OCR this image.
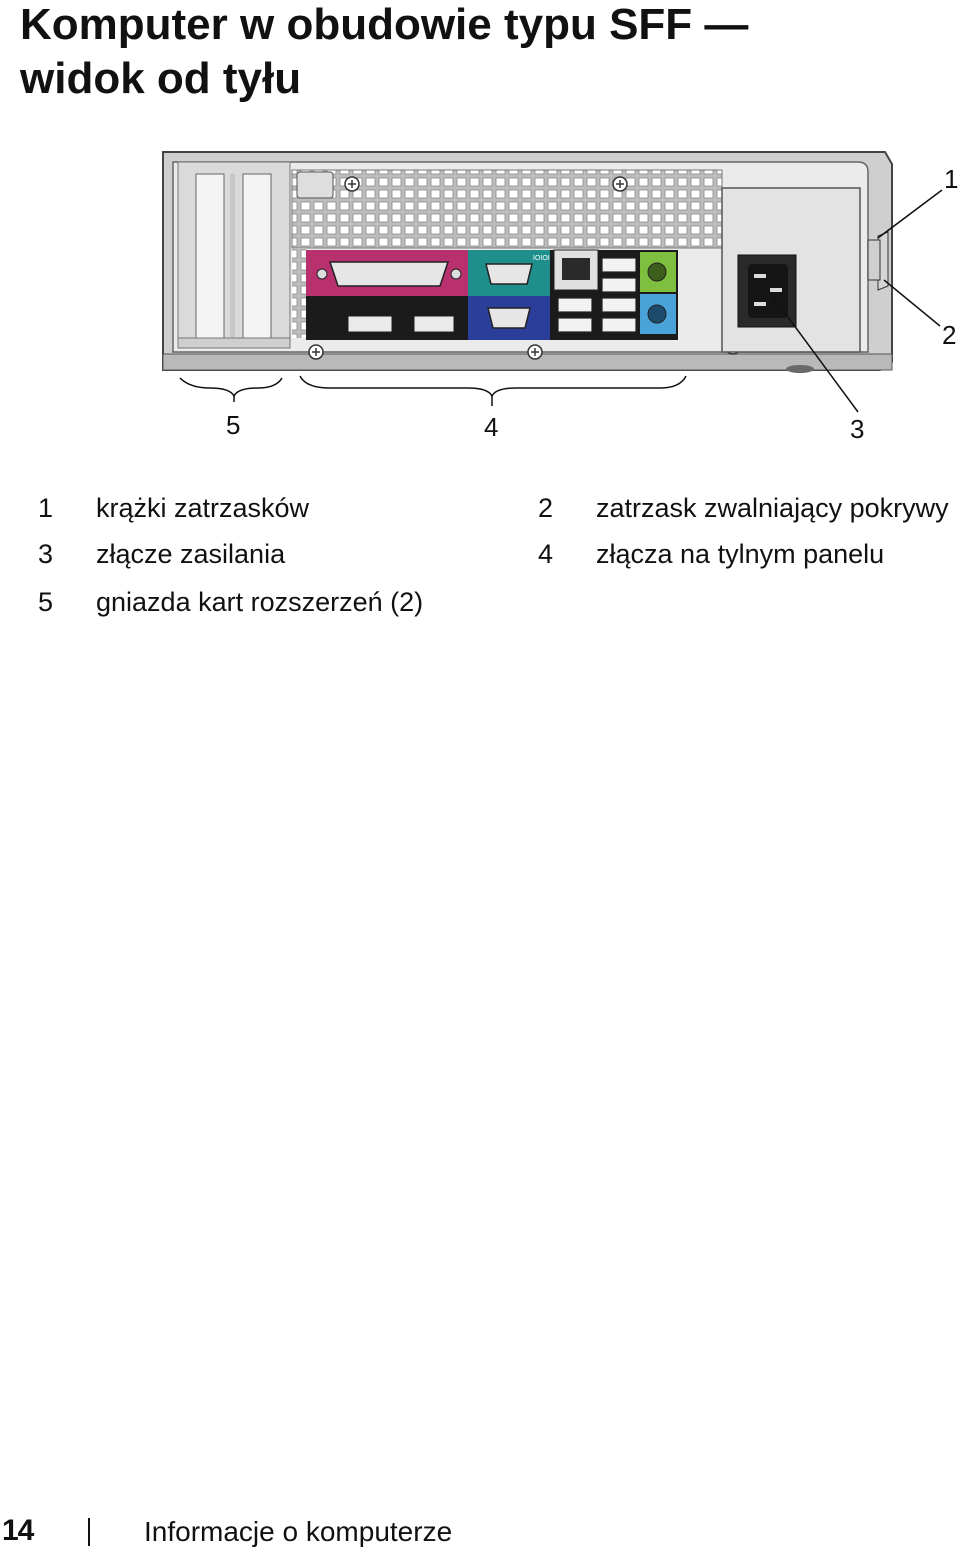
Komputer w obudowie typu SFF —
widok od tyłu
IOIOI
1
2
3
4
5
1	krążki zatrzasków	2	zatrzask zwalniający pokrywy
3	złącze zasilania	4	złącza na tylnym panelu
5	gniazda kart rozszerzeń (2)
14	Informacje o komputerze
